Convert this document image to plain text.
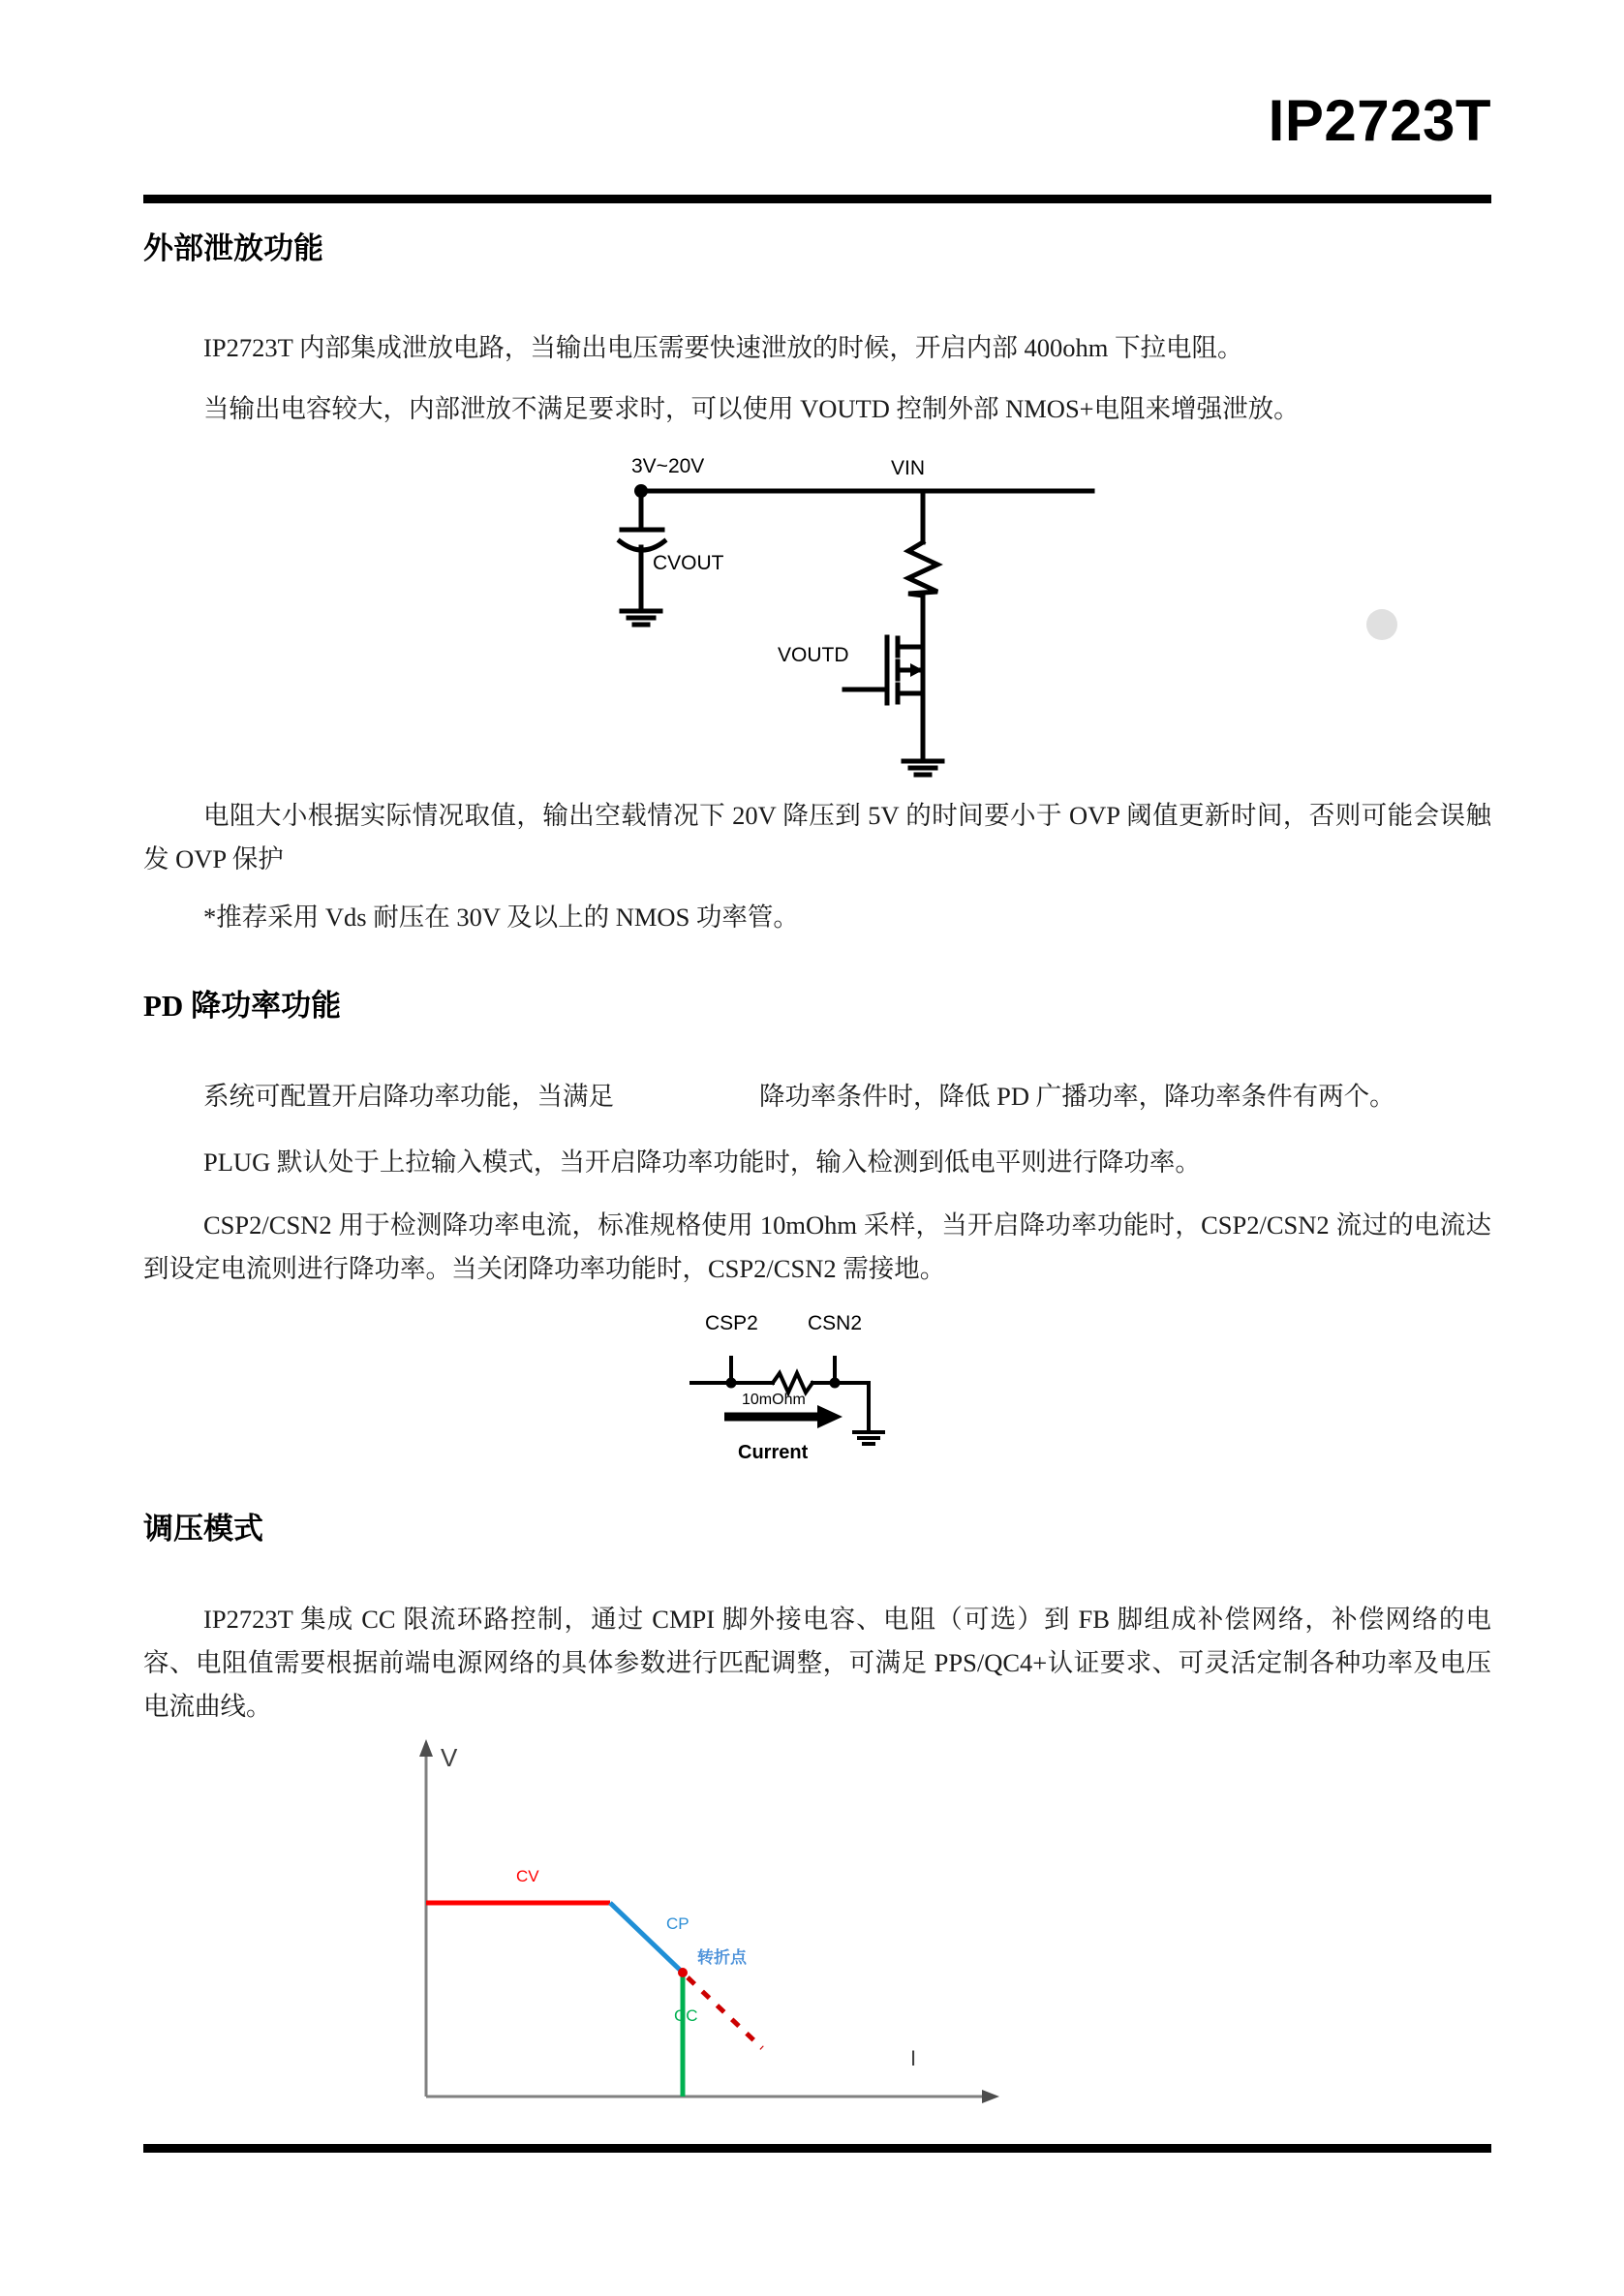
IP2723T
外部泄放功能
IP2723T 内部集成泄放电路，当输出电压需要快速泄放的时候，开启内部 400ohm 下拉电阻。
当输出电容较大，内部泄放不满足要求时，可以使用 VOUTD 控制外部 NMOS+电阻来增强泄放。
3V~20V
CVOUT
VIN
VOUTD
电阻大小根据实际情况取值，输出空载情况下 20V 降压到 5V 的时间要小于 OVP 阈值更新时间，否则可能会误触发 OVP 保护
*推荐采用 Vds 耐压在 30V 及以上的 NMOS 功率管。
PD 降功率功能
系统可配置开启降功率功能，当满足	降功率条件时，降低 PD 广播功率，降功率条件有两个。
PLUG 默认处于上拉输入模式，当开启降功率功能时，输入检测到低电平则进行降功率。
CSP2/CSN2 用于检测降功率电流，标准规格使用 10mOhm 采样，当开启降功率功能时，CSP2/CSN2 流过的电流达到设定电流则进行降功率。当关闭降功率功能时，CSP2/CSN2 需接地。
CSP2 CSN2
10mOhm
Current
调压模式
IP2723T 集成 CC 限流环路控制，通过 CMPI 脚外接电容、电阻（可选）到 FB 脚组成补偿网络，补偿网络的电容、电阻值需要根据前端电源网络的具体参数进行匹配调整，可满足 PPS/QC4+认证要求、可灵活定制各种功率及电压电流曲线。
V
I
CV
CP
转折点
CC
